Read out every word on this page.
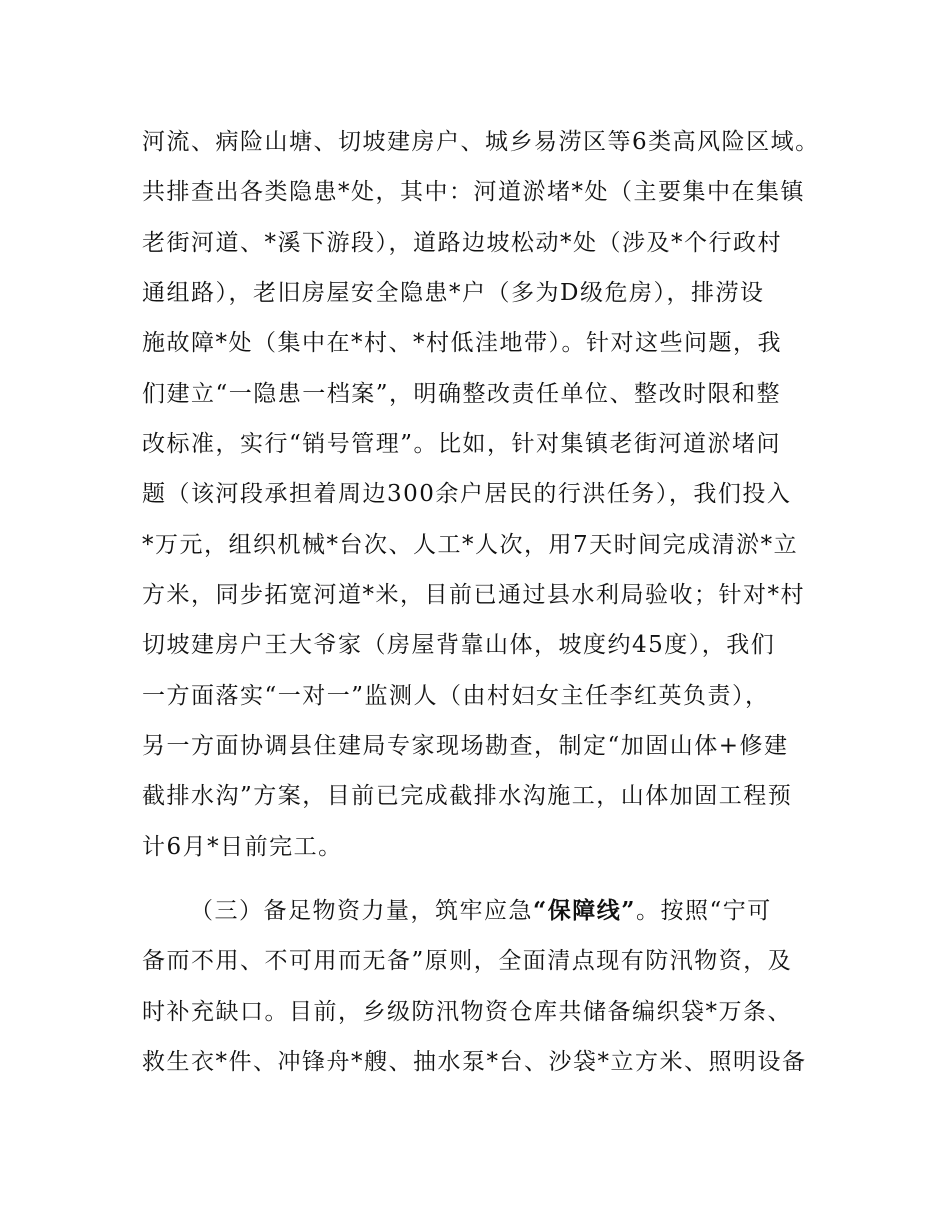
河流、病险山塘、切坡建房户、城乡易涝区等6类高风险区域。

共排查出各类隐患*处，其中：河道淤堵*处（主要集中在集镇

老街河道、*溪下游段），道路边坡松动*处（涉及*个行政村

通组路），老旧房屋安全隐患*户（多为D级危房），排涝设

施故障*处（集中在*村、*村低洼地带）。针对这些问题，我

们建立“一隐患一档案”，明确整改责任单位、整改时限和整

改标准，实行“销号管理”。比如，针对集镇老街河道淤堵问

题（该河段承担着周边300余户居民的行洪任务），我们投入

*万元，组织机械*台次、人工*人次，用7天时间完成清淤*立

方米，同步拓宽河道*米，目前已通过县水利局验收；针对*村

切坡建房户王大爷家（房屋背靠山体，坡度约45度），我们

一方面落实“一对一”监测人（由村妇女主任李红英负责），

另一方面协调县住建局专家现场勘查，制定“加固山体+修建

截排水沟”方案，目前已完成截排水沟施工，山体加固工程预

计6月*日前完工。

（三）备足物资力量，筑牢应急“保障线”。按照“宁可

备而不用、不可用而无备”原则，全面清点现有防汛物资，及

时补充缺口。目前，乡级防汛物资仓库共储备编织袋*万条、

救生衣*件、冲锋舟*艘、抽水泵*台、沙袋*立方米、照明设备
